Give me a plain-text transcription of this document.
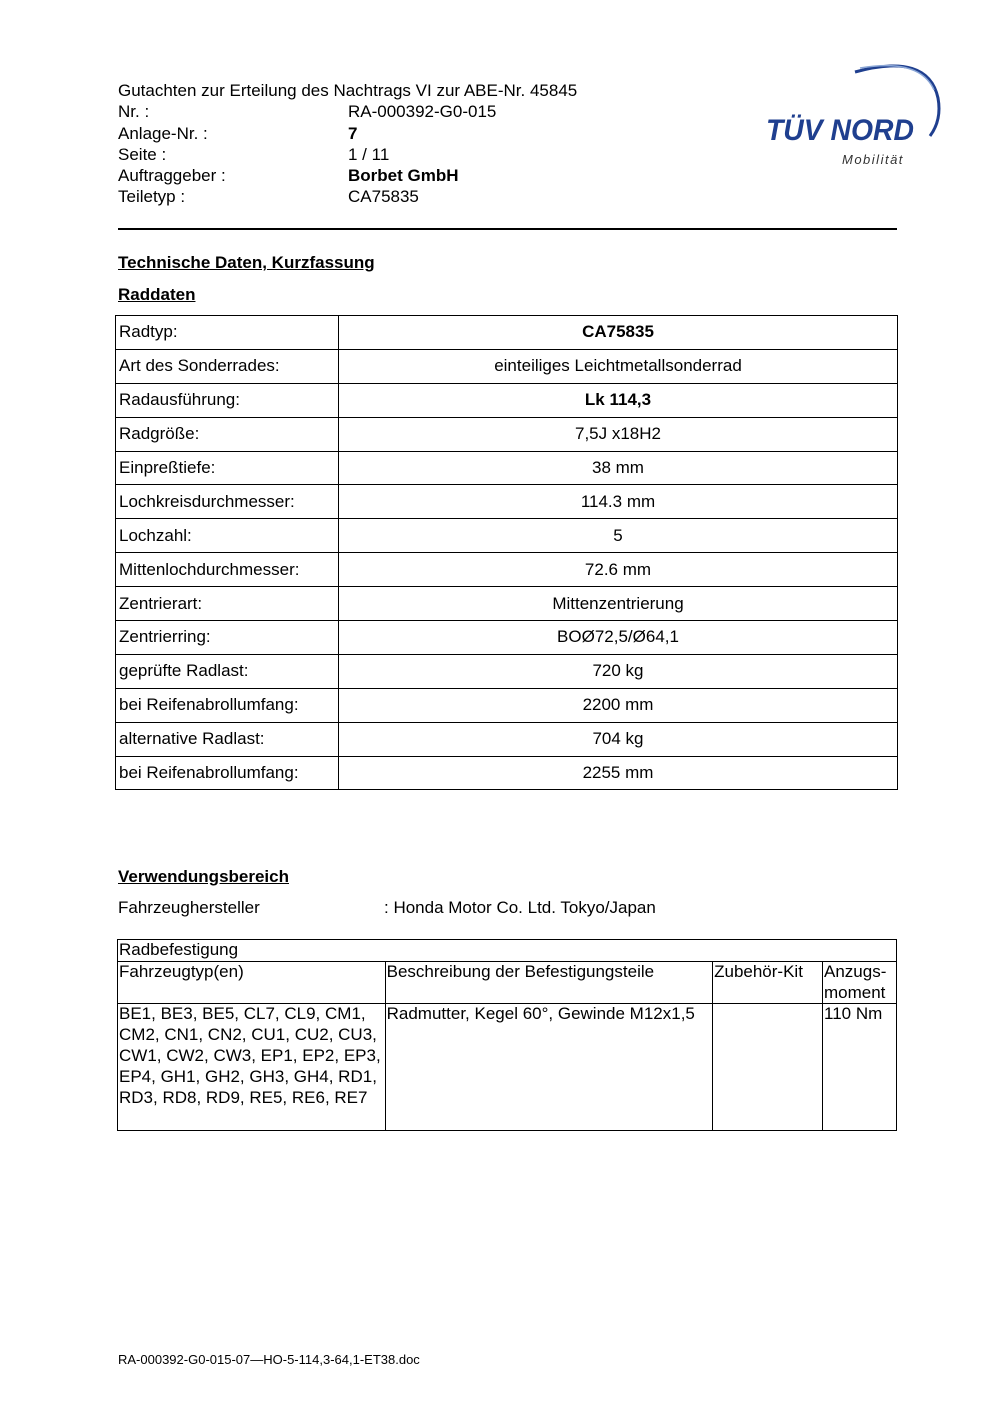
Gutachten zur Erteilung des Nachtrags VI zur ABE-Nr. 45845
Nr. :	RA-000392-G0-015
Anlage-Nr. :	7
Seite :	1 / 11
Auftraggeber :	Borbet GmbH
Teiletyp :	CA75835
TÜV NORD
Mobilität
Technische Daten, Kurzfassung
Raddaten
Radtyp:	CA75835
Art des Sonderrades:	einteiliges Leichtmetallsonderrad
Radausführung:	Lk 114,3
Radgröße:	7,5J x18H2
Einpreßtiefe:	38 mm
Lochkreisdurchmesser:	114.3 mm
Lochzahl:	5
Mittenlochdurchmesser:	72.6 mm
Zentrierart:	Mittenzentrierung
Zentrierring:	BOØ72,5/Ø64,1
geprüfte Radlast:	720 kg
bei Reifenabrollumfang:	2200 mm
alternative Radlast:	704 kg
bei Reifenabrollumfang:	2255 mm
Verwendungsbereich
Fahrzeughersteller	: Honda Motor Co. Ltd. Tokyo/Japan
Radbefestigung			
Fahrzeugtyp(en)	Beschreibung der Befestigungsteile	Zubehör-Kit	Anzugs- moment
BE1, BE3, BE5, CL7, CL9, CM1, CM2, CN1, CN2, CU1, CU2, CU3, CW1, CW2, CW3, EP1, EP2, EP3, EP4, GH1, GH2, GH3, GH4, RD1, RD3, RD8, RD9, RE5, RE6, RE7	Radmutter, Kegel 60°, Gewinde M12x1,5		110 Nm
RA-000392-G0-015-07—HO-5-114,3-64,1-ET38.doc
